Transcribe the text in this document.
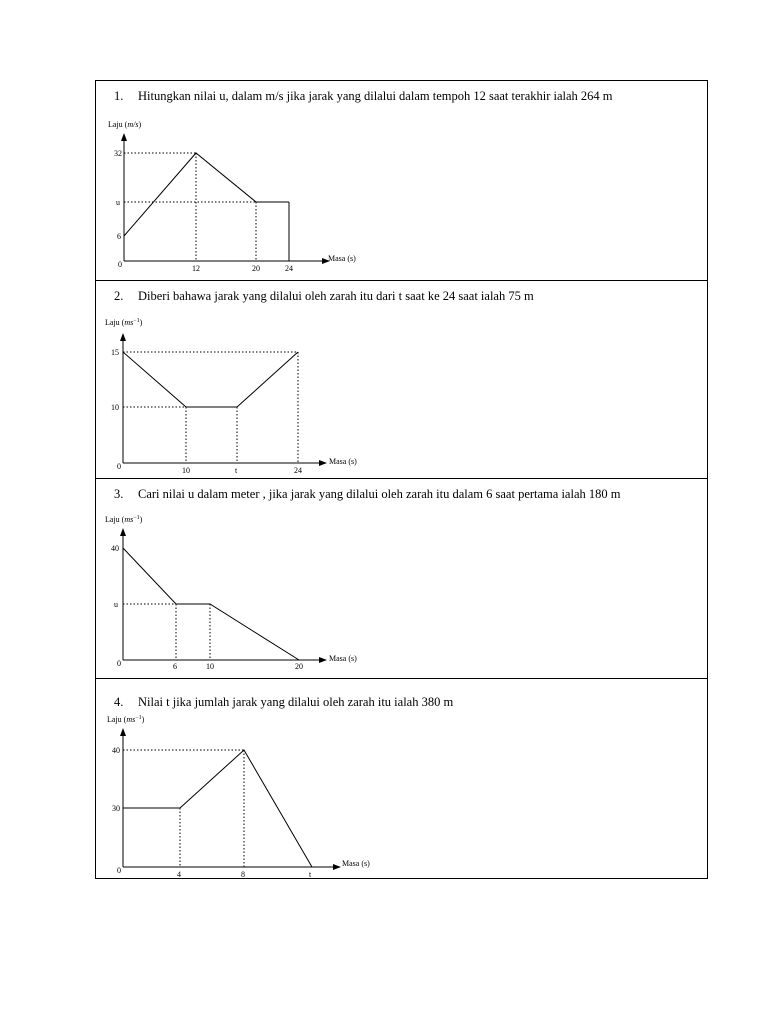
1. Hitungkan nilai u, dalam m/s jika jarak yang dilalui dalam tempoh 12 saat terakhir ialah 264 m
Laju (m/s)
32
u
6
0	12	20	24
Masa (s)
2. Diberi bahawa jarak yang dilalui oleh zarah itu dari t saat ke 24 saat ialah 75 m
Laju $(ms^{-1})$
15
10
0	10	t	24
Masa (s)
3. Cari nilai u dalam meter , jika jarak yang dilalui oleh zarah itu dalam 6 saat pertama ialah 180 m
Laju $(ms^{-1})$
40
u
0	6	10	20
Masa (s)
4. Nilai t jika jumlah jarak yang dilalui oleh zarah itu ialah 380 m
Laju $(ms^{-1})$
40
30
0	4	8	t
Masa (s)
